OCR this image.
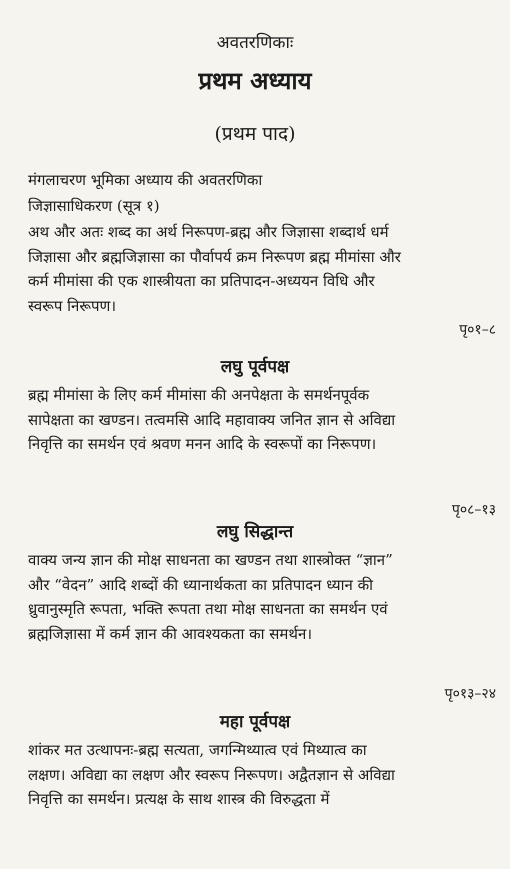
अवतरणिकाः
प्रथम अध्याय
(प्रथम पाद)
मंगलाचरण भूमिका अध्याय की अवतरणिका
जिज्ञासाधिकरण (सूत्र १)

अथ और अतः शब्द का अर्थ निरूपण-ब्रह्म और जिज्ञासा शब्दार्थ धर्म जिज्ञासा और ब्रह्मजिज्ञासा का पौर्वापर्य क्रम निरूपण ब्रह्म मीमांसा और कर्म मीमांसा की एक शास्त्रीयता का प्रतिपादन-अध्ययन विधि और स्वरूप निरूपण।

पृ०१–८
लघु पूर्वपक्ष

ब्रह्म मीमांसा के लिए कर्म मीमांसा की अनपेक्षता के समर्थनपूर्वक सापेक्षता का खण्डन। तत्वमसि आदि महावाक्य जनित ज्ञान से अविद्या निवृत्ति का समर्थन एवं श्रवण मनन आदि के स्वरूपों का निरूपण।

पृ०८–१३
लघु सिद्धान्त

वाक्य जन्य ज्ञान की मोक्ष साधनता का खण्डन तथा शास्त्रोक्त “ज्ञान” और “वेदन” आदि शब्दों की ध्यानार्थकता का प्रतिपादन ध्यान की ध्रुवानुस्मृति रूपता, भक्ति रूपता तथा मोक्ष साधनता का समर्थन एवं ब्रह्मजिज्ञासा में कर्म ज्ञान की आवश्यकता का समर्थन।

पृ०१३–२४
महा पूर्वपक्ष

शांकर मत उत्थापनः-ब्रह्म सत्यता, जगन्मिथ्यात्व एवं मिथ्यात्व का लक्षण। अविद्या का लक्षण और स्वरूप निरूपण। अद्वैतज्ञान से अविद्या निवृत्ति का समर्थन। प्रत्यक्ष के साथ शास्त्र की विरुद्धता में
